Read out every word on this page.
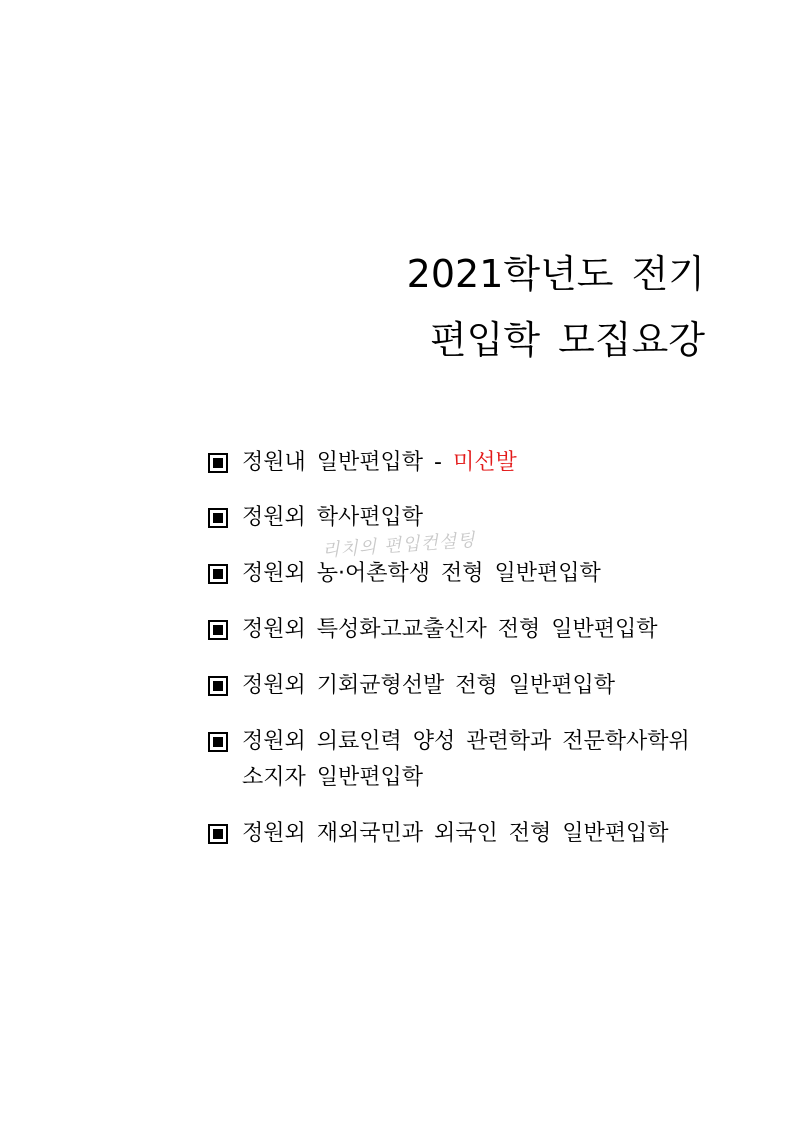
2021학년도 전기
편입학 모집요강
리치의 편입컨설팅
정원내 일반편입학 - 미선발
정원외 학사편입학
정원외 농·어촌학생 전형 일반편입학
정원외 특성화고교출신자 전형 일반편입학
정원외 기회균형선발 전형 일반편입학
정원외 의료인력 양성 관련학과 전문학사학위
소지자 일반편입학
정원외 재외국민과 외국인 전형 일반편입학
